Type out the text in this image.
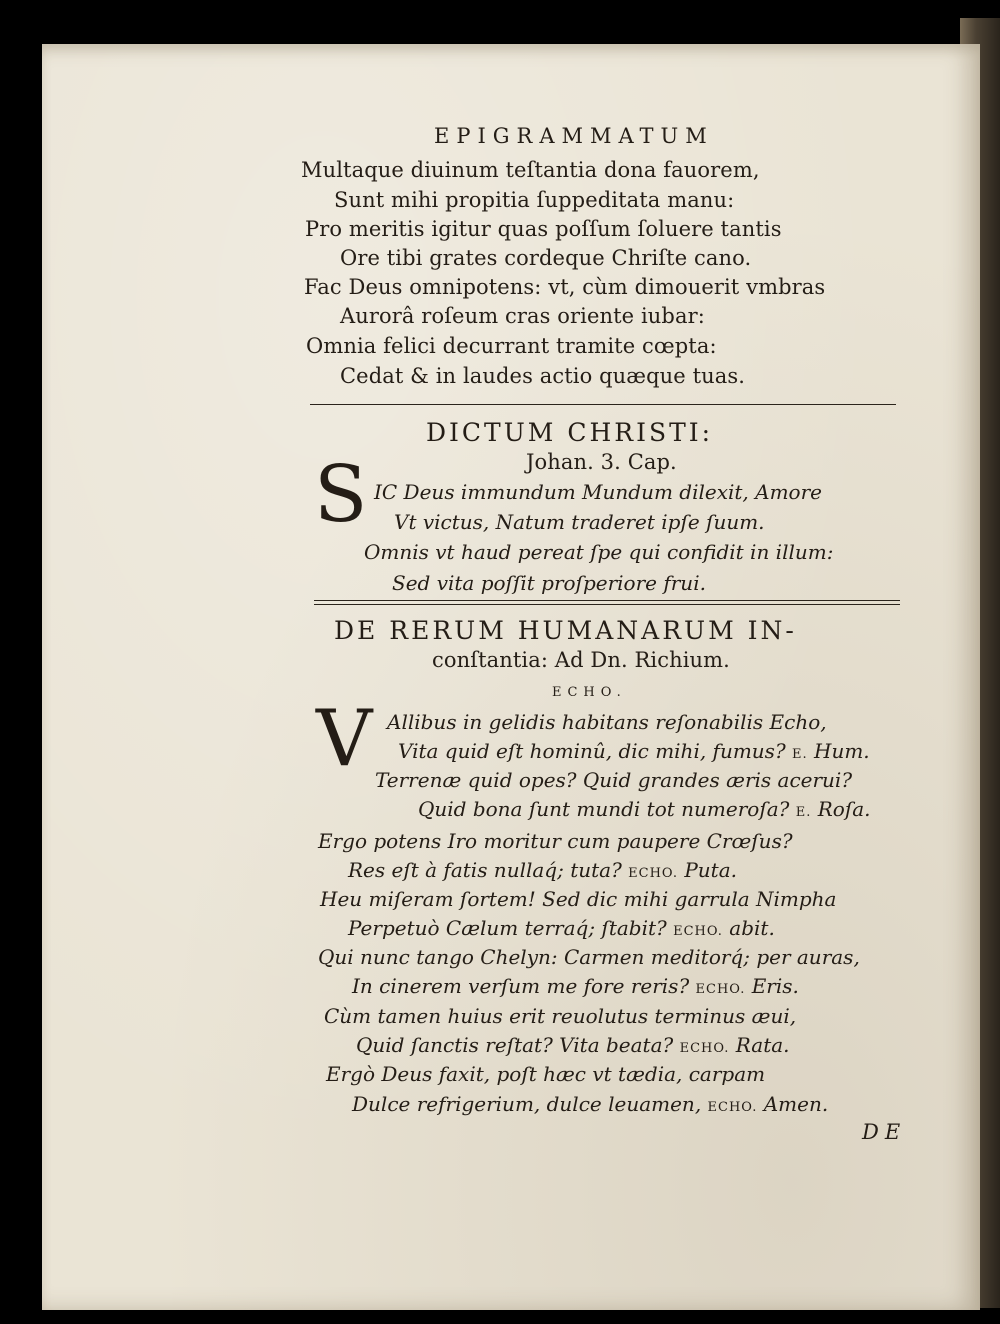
EPIGRAMMATUM

Multaque diuinum teſtantia dona fauorem,

Sunt mihi propitia ſuppeditata manu:

Pro meritis igitur quas poſſum ſoluere tantis

Ore tibi grates cordeque Chriſte cano.

Fac Deus omnipotens: vt, cùm dimouerit vmbras

Aurorâ roſeum cras oriente iubar:

Omnia felici decurrant tramite cœpta:

Cedat & in laudes actio quæque tuas.

DICTUM CHRISTI:

Johan. 3. Cap.

S IC Deus immundum Mundum dilexit, Amore

Vt victus, Natum traderet ipſe ſuum.

Omnis vt haud pereat ſpe qui confidit in illum:

Sed vita poſſit proſperiore frui.

DE RERUM HUMANARUM IN-

conſtantia: Ad Dn. Richium.

ECHO.

V Allibus in gelidis habitans reſonabilis Echo,

Vita quid eſt hominû, dic mihi, fumus? E. Hum.

Terrenæ quid opes? Quid grandes æris acerui?

Quid bona ſunt mundi tot numeroſa? E. Roſa.

Ergo potens Iro moritur cum paupere Crœſus?

Res eſt à fatis nullaq́; tuta? ECHO. Puta.

Heu miſeram ſortem! Sed dic mihi garrula Nimpha

Perpetuò Cælum terraq́; ſtabit? ECHO. abit.

Qui nunc tango Chelyn: Carmen meditorq́; per auras,

In cinerem verſum me fore reris? ECHO. Eris.

Cùm tamen huius erit reuolutus terminus æui,

Quid ſanctis reſtat? Vita beata? ECHO. Rata.

Ergò Deus faxit, poſt hæc vt tædia, carpam

Dulce refrigerium, dulce leuamen, ECHO. Amen.

DE
